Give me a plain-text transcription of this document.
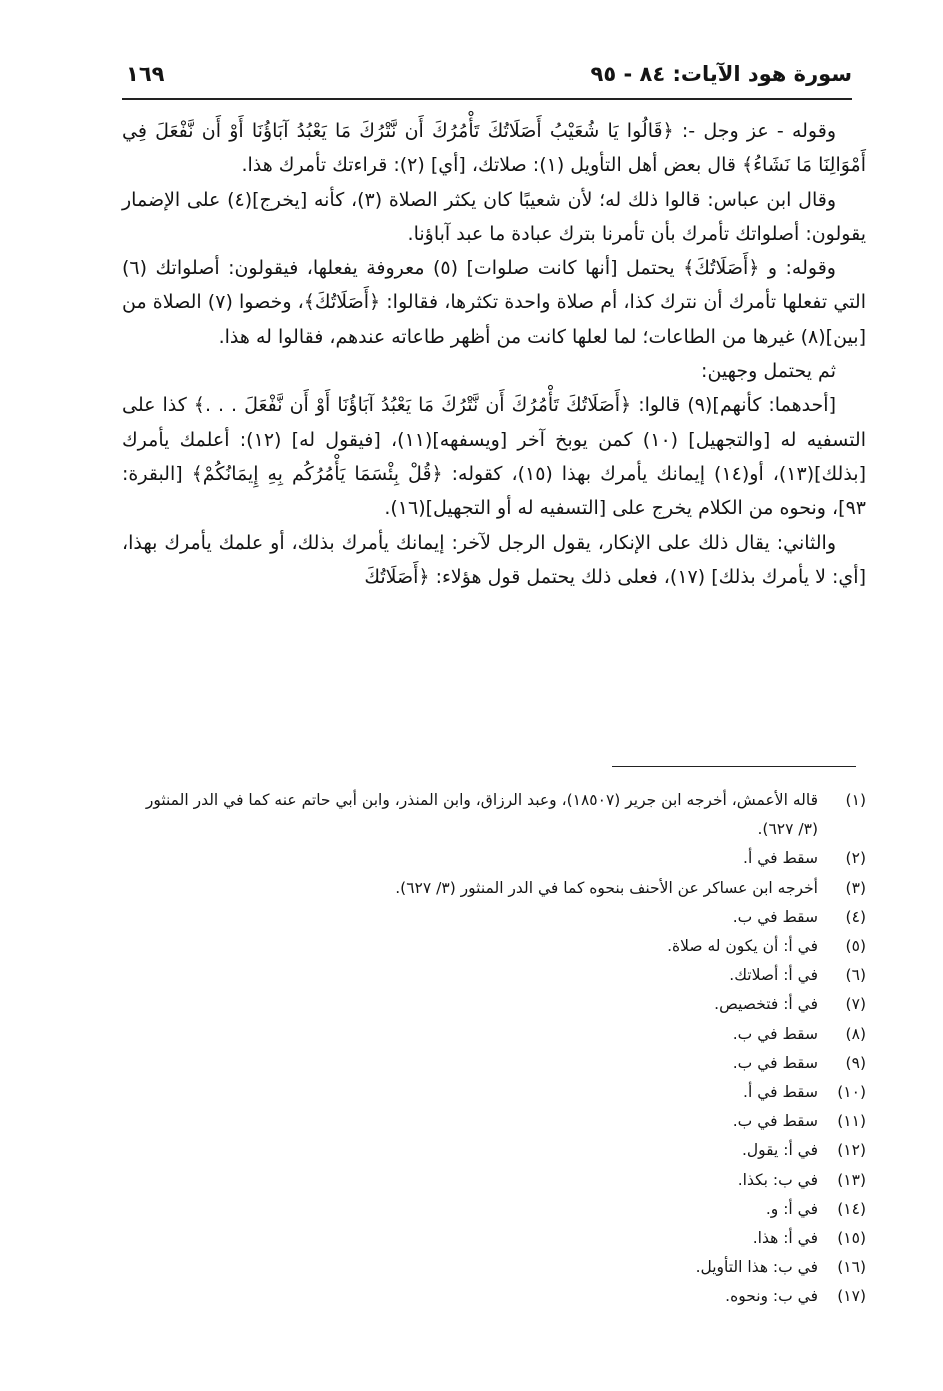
سورة هود الآيات: ٨٤ - ٩٥
١٦٩

وقوله - عز وجل -: ﴿قَالُوا يَا شُعَيْبُ أَصَلَاتُكَ تَأْمُرُكَ أَن نَّتْرُكَ مَا يَعْبُدُ آبَاؤُنَا أَوْ أَن نَّفْعَلَ فِي أَمْوَالِنَا مَا نَشَاءُ﴾ قال بعض أهل التأويل (١): صلاتك، [أي] (٢): قراءتك تأمرك هذا.

وقال ابن عباس: قالوا ذلك له؛ لأن شعيبًا كان يكثر الصلاة (٣)، كأنه [يخرج](٤) على الإضمار يقولون: أصلواتك تأمرك بأن تأمرنا بترك عبادة ما عبد آباؤنا.

وقوله: و ﴿أَصَلَاتُكَ﴾ يحتمل [أنها كانت صلوات] (٥) معروفة يفعلها، فيقولون: أصلواتك (٦) التي تفعلها تأمرك أن نترك كذا، أم صلاة واحدة تكثرها، فقالوا: ﴿أَصَلَاتُكَ﴾، وخصوا (٧) الصلاة من [بين](٨) غيرها من الطاعات؛ لما لعلها كانت من أظهر طاعاته عندهم، فقالوا له هذا.

ثم يحتمل وجهين:

[أحدهما: كأنهم](٩) قالوا: ﴿أَصَلَاتُكَ تَأْمُرُكَ أَن نَّتْرُكَ مَا يَعْبُدُ آبَاؤُنَا أَوْ أَن نَّفْعَلَ . . .﴾ كذا على التسفيه له [والتجهيل] (١٠) كمن يوبخ آخر [ويسفهه](١١)، [فيقول له] (١٢): أعلمك يأمرك [بذلك](١٣)، أو(١٤) إيمانك يأمرك بهذا (١٥)، كقوله: ﴿قُلْ بِئْسَمَا يَأْمُرُكُم بِهِ إِيمَانُكُمْ﴾ [البقرة: ٩٣]، ونحوه من الكلام يخرج على [التسفيه له أو التجهيل](١٦).

والثاني: يقال ذلك على الإنكار، يقول الرجل لآخر: إيمانك يأمرك بذلك، أو علمك يأمرك بهذا، [أي: لا يأمرك بذلك] (١٧)، فعلى ذلك يحتمل قول هؤلاء: ﴿أَصَلَاتُكَ

(١)
قاله الأعمش، أخرجه ابن جرير (١٨٥٠٧)، وعبد الرزاق، وابن المنذر، وابن أبي حاتم عنه كما في الدر المنثور (٣/ ٦٢٧).
(٢)
سقط في أ.
(٣)
أخرجه ابن عساكر عن الأحنف بنحوه كما في الدر المنثور (٣/ ٦٢٧).
(٤)
سقط في ب.
(٥)
في أ: أن يكون له صلاة.
(٦)
في أ: أصلاتك.
(٧)
في أ: فتخصيص.
(٨)
سقط في ب.
(٩)
سقط في ب.
(١٠)
سقط في أ.
(١١)
سقط في ب.
(١٢)
في أ: يقول.
(١٣)
في ب: بكذا.
(١٤)
في أ: و.
(١٥)
في أ: هذا.
(١٦)
في ب: هذا التأويل.
(١٧)
في ب: ونحوه.
